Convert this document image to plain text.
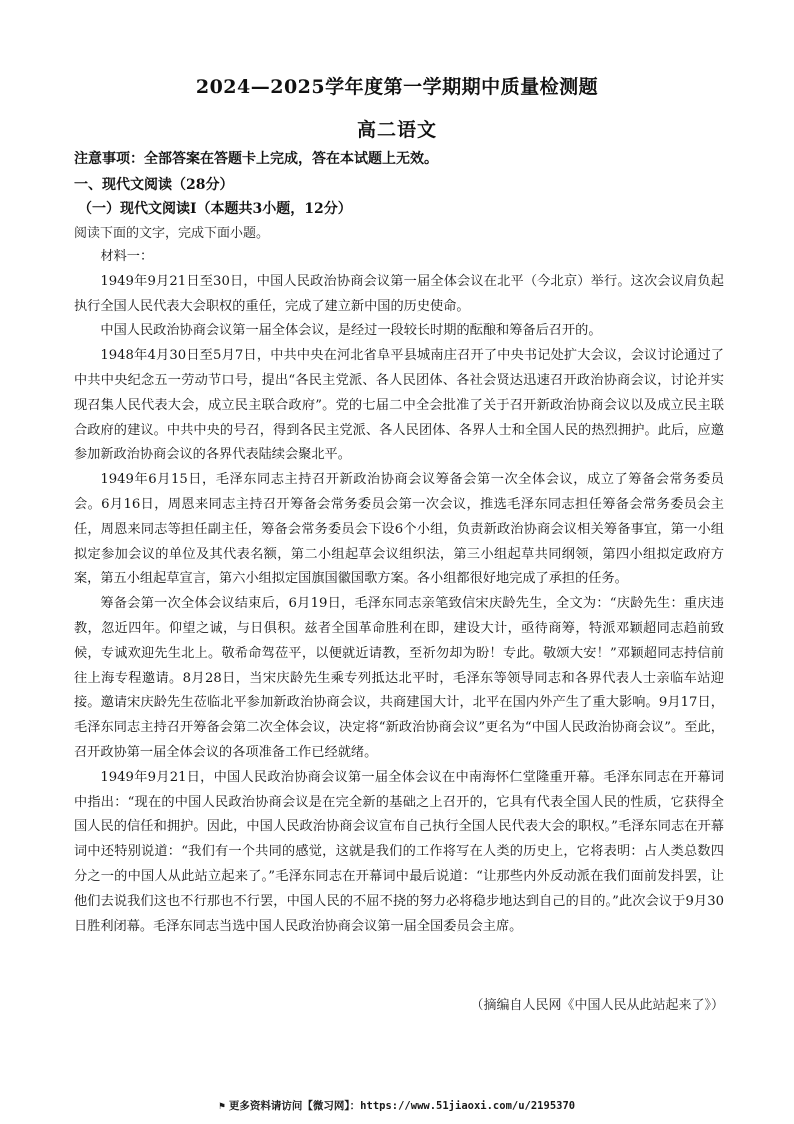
2024—2025学年度第一学期期中质量检测题
高二语文

注意事项：全部答案在答题卡上完成，答在本试题上无效。

一、现代文阅读（28分）

（一）现代文阅读Ⅰ（本题共3小题，12分）

阅读下面的文字，完成下面小题。

材料一：

1949年9月21日至30日，中国人民政治协商会议第一届全体会议在北平（今北京）举行。这次会议肩负起执行全国人民代表大会职权的重任，完成了建立新中国的历史使命。

中国人民政治协商会议第一届全体会议，是经过一段较长时期的酝酿和筹备后召开的。

1948年4月30日至5月7日，中共中央在河北省阜平县城南庄召开了中央书记处扩大会议，会议讨论通过了中共中央纪念五一劳动节口号，提出“各民主党派、各人民团体、各社会贤达迅速召开政治协商会议，讨论并实现召集人民代表大会，成立民主联合政府”。党的七届二中全会批准了关于召开新政治协商会议以及成立民主联合政府的建议。中共中央的号召，得到各民主党派、各人民团体、各界人士和全国人民的热烈拥护。此后，应邀参加新政治协商会议的各界代表陆续会聚北平。

1949年6月15日，毛泽东同志主持召开新政治协商会议筹备会第一次全体会议，成立了筹备会常务委员会。6月16日，周恩来同志主持召开筹备会常务委员会第一次会议，推选毛泽东同志担任筹备会常务委员会主任，周恩来同志等担任副主任，筹备会常务委员会下设6个小组，负责新政治协商会议相关筹备事宜，第一小组拟定参加会议的单位及其代表名额，第二小组起草会议组织法，第三小组起草共同纲领，第四小组拟定政府方案，第五小组起草宣言，第六小组拟定国旗国徽国歌方案。各小组都很好地完成了承担的任务。

筹备会第一次全体会议结束后，6月19日，毛泽东同志亲笔致信宋庆龄先生，全文为：“庆龄先生：重庆违教，忽近四年。仰望之诚，与日俱积。兹者全国革命胜利在即，建设大计，亟待商筹，特派邓颖超同志趋前致候，专诚欢迎先生北上。敬希命驾莅平，以便就近请教，至祈勿却为盼！专此。敬颂大安！”邓颖超同志持信前往上海专程邀请。8月28日，当宋庆龄先生乘专列抵达北平时，毛泽东等领导同志和各界代表人士亲临车站迎接。邀请宋庆龄先生莅临北平参加新政治协商会议，共商建国大计，北平在国内外产生了重大影响。9月17日，毛泽东同志主持召开筹备会第二次全体会议，决定将“新政治协商会议”更名为“中国人民政治协商会议”。至此，召开政协第一届全体会议的各项准备工作已经就绪。

1949年9月21日，中国人民政治协商会议第一届全体会议在中南海怀仁堂隆重开幕。毛泽东同志在开幕词中指出：“现在的中国人民政治协商会议是在完全新的基础之上召开的，它具有代表全国人民的性质，它获得全国人民的信任和拥护。因此，中国人民政治协商会议宣布自己执行全国人民代表大会的职权。”毛泽东同志在开幕词中还特别说道：“我们有一个共同的感觉，这就是我们的工作将写在人类的历史上，它将表明：占人类总数四分之一的中国人从此站立起来了。”毛泽东同志在开幕词中最后说道：“让那些内外反动派在我们面前发抖罢，让他们去说我们这也不行那也不行罢，中国人民的不屈不挠的努力必将稳步地达到自己的目的。”此次会议于9月30日胜利闭幕。毛泽东同志当选中国人民政治协商会议第一届全国委员会主席。

（摘编自人民网《中国人民从此站起来了》）

⚑ 更多资料请访问【微习网】：https://www.51jiaoxi.com/u/2195370
